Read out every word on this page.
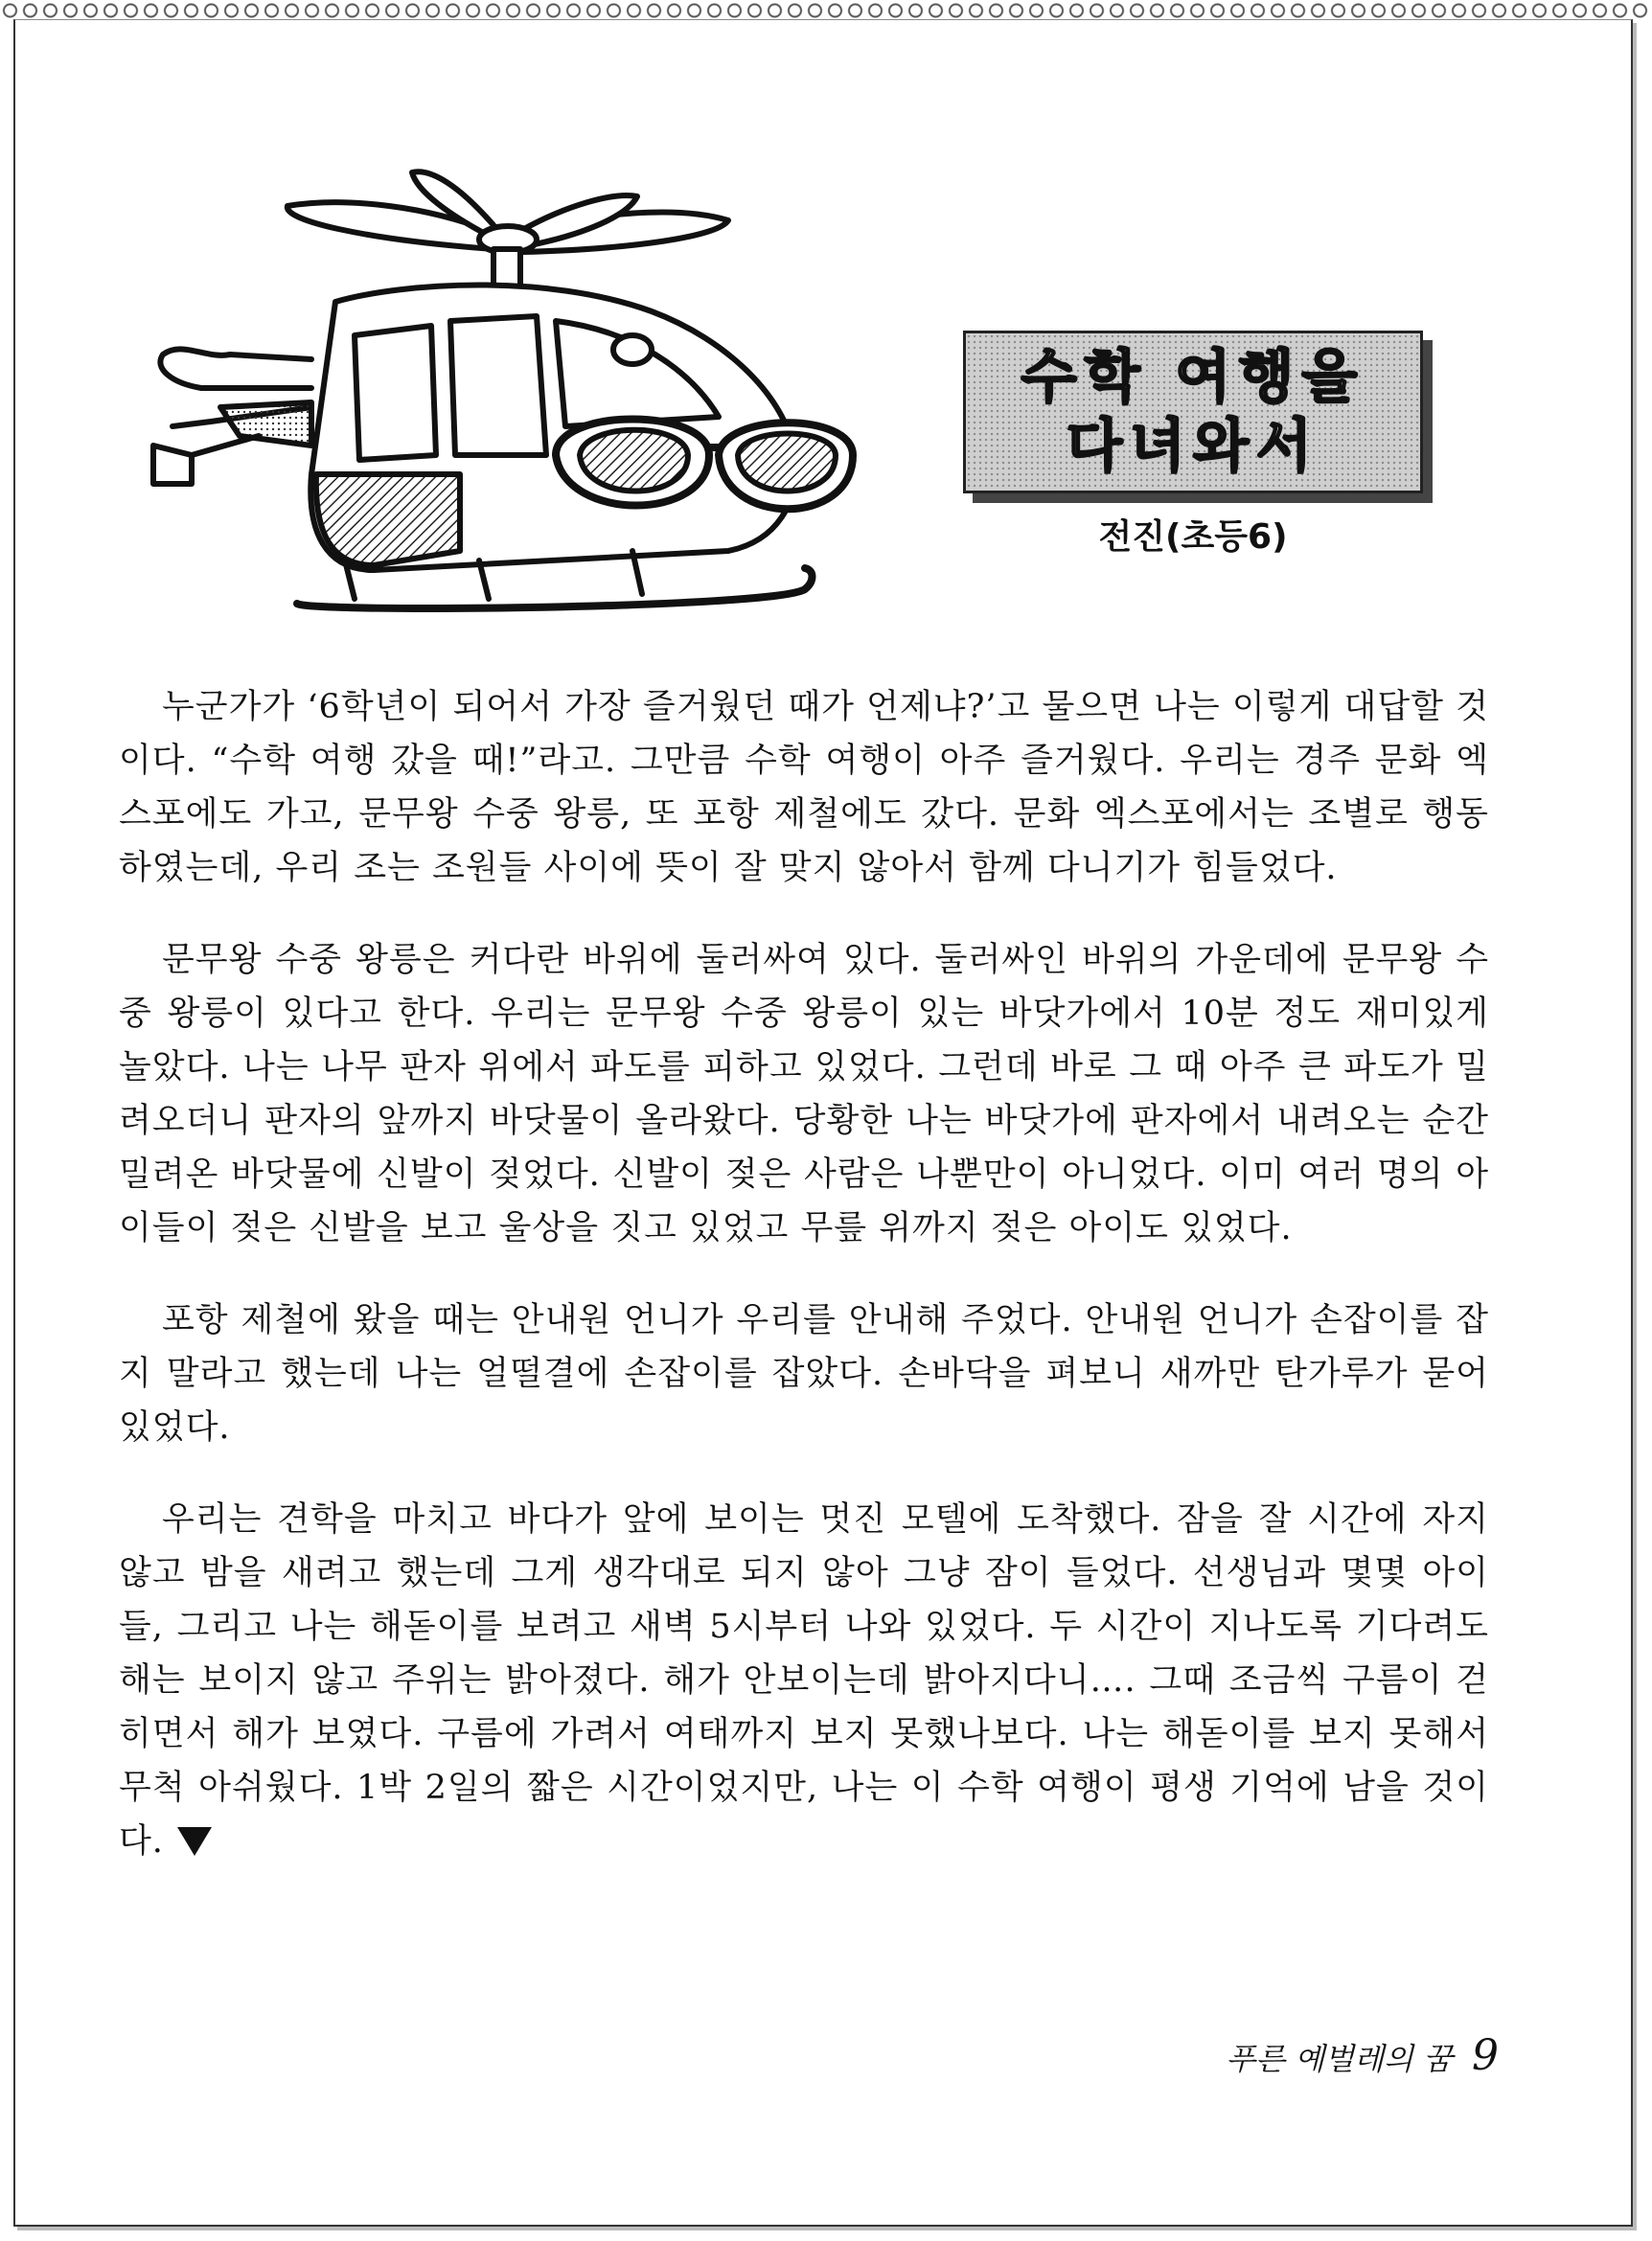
수학 여행을
다녀와서
전진(초등6)

누군가가 ‘6학년이 되어서 가장 즐거웠던 때가 언제냐?’고 물으면 나는 이렇게 대답할 것이다. “수학 여행 갔을 때!”라고. 그만큼 수학 여행이 아주 즐거웠다. 우리는 경주 문화 엑스포에도 가고, 문무왕 수중 왕릉, 또 포항 제철에도 갔다. 문화 엑스포에서는 조별로 행동하였는데, 우리 조는 조원들 사이에 뜻이 잘 맞지 않아서 함께 다니기가 힘들었다.

문무왕 수중 왕릉은 커다란 바위에 둘러싸여 있다. 둘러싸인 바위의 가운데에 문무왕 수중 왕릉이 있다고 한다. 우리는 문무왕 수중 왕릉이 있는 바닷가에서 10분 정도 재미있게 놀았다. 나는 나무 판자 위에서 파도를 피하고 있었다. 그런데 바로 그 때 아주 큰 파도가 밀려오더니 판자의 앞까지 바닷물이 올라왔다. 당황한 나는 바닷가에 판자에서 내려오는 순간 밀려온 바닷물에 신발이 젖었다. 신발이 젖은 사람은 나뿐만이 아니었다. 이미 여러 명의 아이들이 젖은 신발을 보고 울상을 짓고 있었고 무릎 위까지 젖은 아이도 있었다.

포항 제철에 왔을 때는 안내원 언니가 우리를 안내해 주었다. 안내원 언니가 손잡이를 잡지 말라고 했는데 나는 얼떨결에 손잡이를 잡았다. 손바닥을 펴보니 새까만 탄가루가 묻어 있었다.

우리는 견학을 마치고 바다가 앞에 보이는 멋진 모텔에 도착했다. 잠을 잘 시간에 자지 않고 밤을 새려고 했는데 그게 생각대로 되지 않아 그냥 잠이 들었다. 선생님과 몇몇 아이들, 그리고 나는 해돋이를 보려고 새벽 5시부터 나와 있었다. 두 시간이 지나도록 기다려도 해는 보이지 않고 주위는 밝아졌다. 해가 안보이는데 밝아지다니…. 그때 조금씩 구름이 걷히면서 해가 보였다. 구름에 가려서 여태까지 보지 못했나보다. 나는 해돋이를 보지 못해서 무척 아쉬웠다. 1박 2일의 짧은 시간이었지만, 나는 이 수학 여행이 평생 기억에 남을 것이다.

푸른 예벌레의 꿈 9
